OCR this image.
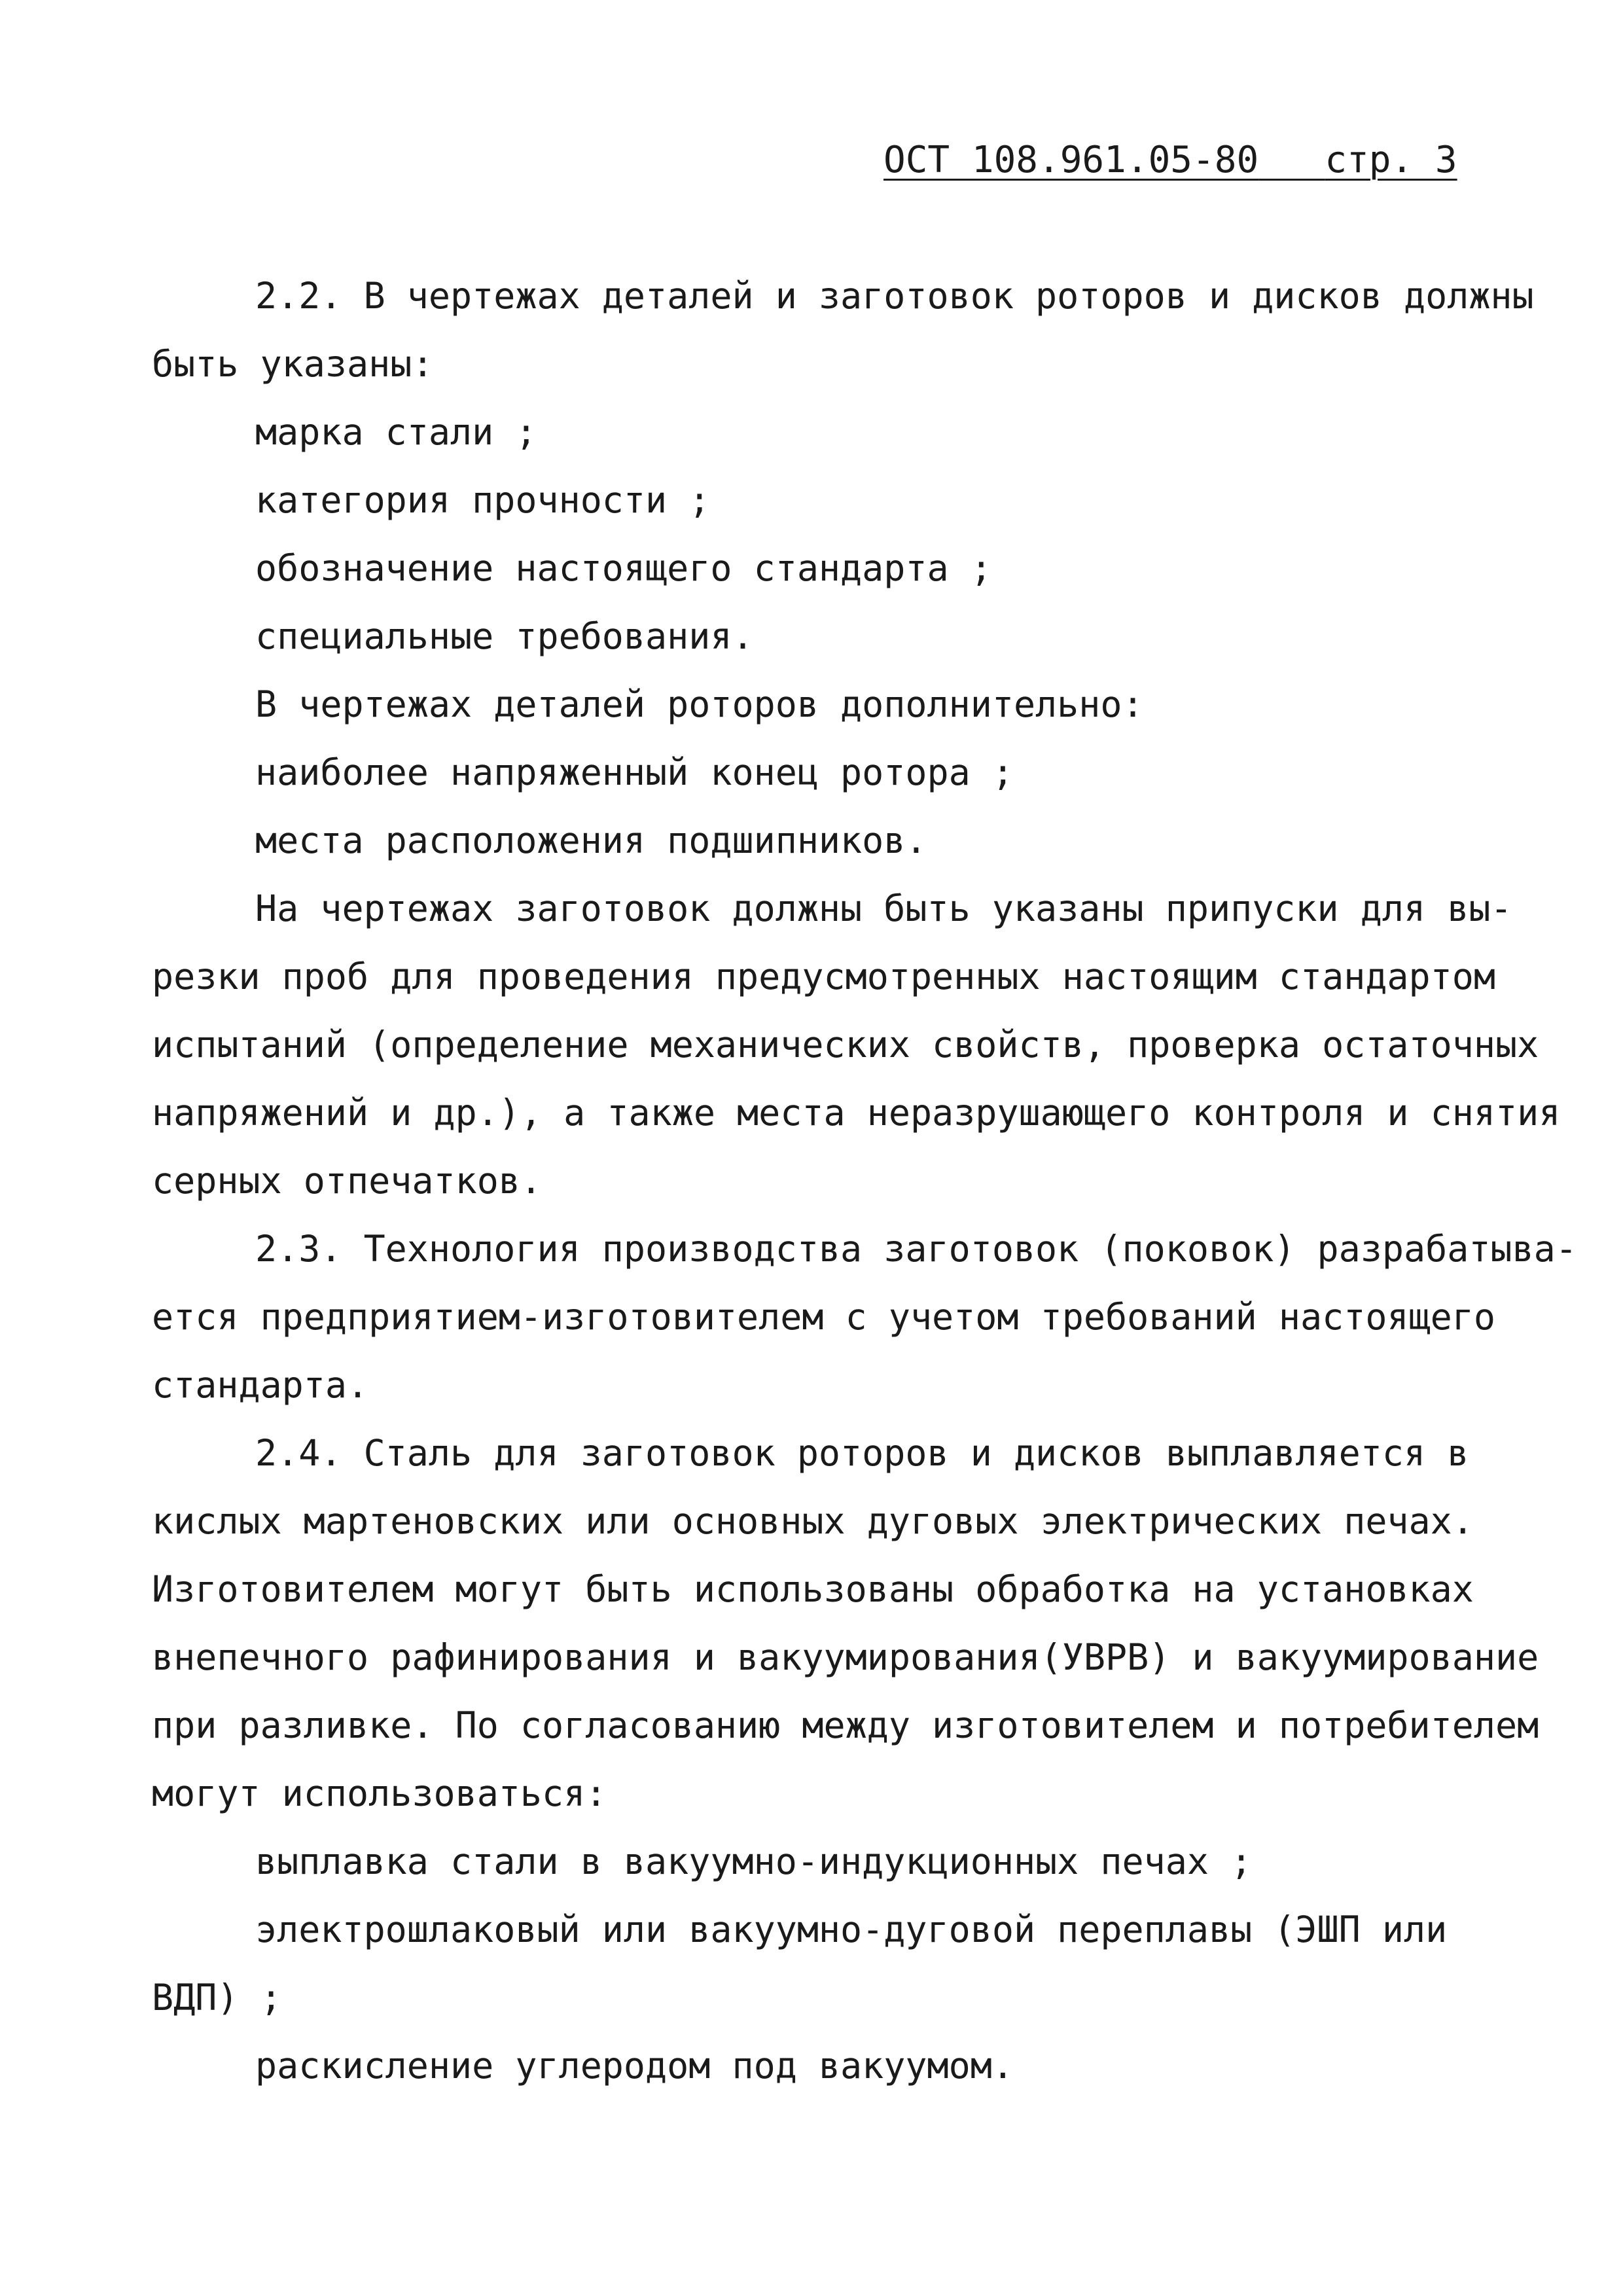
ОСТ 108.961.05-80 стр. 3
2.2. В чертежах деталей и заготовок роторов и дисков должны
быть указаны:
марка стали ;
категория прочности ;
обозначение настоящего стандарта ;
специальные требования.
В чертежах деталей роторов дополнительно:
наиболее напряженный конец ротора ;
места расположения подшипников.
На чертежах заготовок должны быть указаны припуски для вы-
резки проб для проведения предусмотренных настоящим стандартом
испытаний (определение механических свойств, проверка остаточных
напряжений и др.), а также места неразрушающего контроля и снятия
серных отпечатков.
2.3. Технология производства заготовок (поковок) разрабатыва-
ется предприятием-изготовителем с учетом требований настоящего
стандарта.
2.4. Сталь для заготовок роторов и дисков выплавляется в
кислых мартеновских или основных дуговых электрических печах.
Изготовителем могут быть использованы обработка на установках
внепечного рафинирования и вакуумирования(УВРВ) и вакуумирование
при разливке. По согласованию между изготовителем и потребителем
могут использоваться:
выплавка стали в вакуумно-индукционных печах ;
электрошлаковый или вакуумно-дуговой переплавы (ЭШП или
ВДП) ;
раскисление углеродом под вакуумом.
